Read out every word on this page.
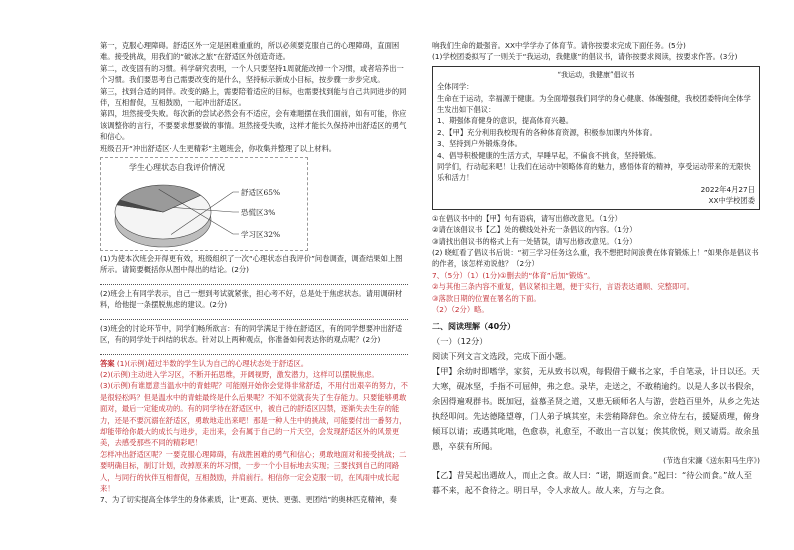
第一，克服心理障碍。舒适区外一定是困难重重的，所以必须要克服自己的心理障碍，直面困难。接受挑战，用我们的“破冰之旅”在舒适区外创造奇迹。

第二，改变固有的习惯。科学研究表明，一个人只要坚持1周就能改掉一个习惯，或者培养出一个习惯。我们要思考自己需要改变的是什么，坚持标示新成小目标，按步骤一步步完成。

第三，找到合适的同伴。改变的路上，需要陪着适应的目标，也需要找到能与自己共同进步的同伴，互相督促，互相鼓励，一起冲出舒适区。

第四，坦然接受失败。每次新的尝试必然会有不适应，会有难题摆在我们面前，如有可能，你应该调整你的言行，不要要求想要做的事情。坦然接受失败，这样才能长久保持冲出舒适区的勇气和信心。

班级召开“冲出舒适区·人生更精彩”主题班会，你收集并整理了以上材料。

学生心理状态自我评价情况
舒适区65%
恐慌区3%
学习区32%

(1)为使本次班会开得更有效，班级组织了一次“心理状态自我评价”问卷调查，调查结果如上图所示。请简要概括你从图中得出的结论。(2分)

(2)班会上有同学表示，自己一想到考试就紧张，担心考不好，总是处于焦虑状态。请用调研材料，给他提一条摆脱焦虑的建议。(2分)

(3)班会的讨论环节中，同学们畅所欲言：有的同学满足于待在舒适区，有的同学想要冲出舒适区，有的同学处于纠结的状态。针对以上两种观点，你准备如何表达你的观点呢？(2分)

答案 (1)(示例)超过半数的学生认为自己的心理状态处于舒适区。

(2)(示例)主动进入学习区，不断开拓思维，开阔视野，激发潜力，这样可以摆脱焦虑。

(3)(示例)有谁愿意当温水中的青蛙呢？可能刚开始你会觉得非常舒适，不用付出艰辛的努力，不是很轻松吗？但是温水中的青蛙最终是什么后果呢？不知不觉就丧失了生存能力。只要能够勇敢面对，最后一定能成功的。有的同学待在舒适区中，被自己的舒适区囚禁，逐渐失去生存的能力，还是不要沉溺在舒适区，勇敢地走出来吧！那是一种人生中的挑战，可能要付出一番努力，却能带给你最大的成长与进步，走出来，会有属于自己的一片天空，会发现舒适区外的风景更美，去感受那些不同的精彩吧！

怎样冲出舒适区呢？一要克服心理障碍，有战胜困难的勇气和信心；勇敢地面对和接受挑战；二要明确目标，制订计划，改掉原来的坏习惯，一步一个小目标地去实现；三要找到自己的同路人，与同行的伙伴互相督促，互相鼓励，并肩前行。相信你一定会克服一切，在风雨中成长起来！

7、为了切实提高全体学生的身体素质，让“更高、更快、更强、更团结”的奥林匹克精神，奏

响我们生命的最强音。XX中学学办了体育节。请你按要求完成下面任务。(5分)

(1)学校团委拟写了一则关于“我运动，我健康”的倡议书，请你按要求阅读，按要求作答。(3分)

“我运动，我健康”倡议书

全体同学：

生命在于运动，幸福源于健康。为全面增强我们同学的身心健康、体魄强健，我校团委特向全体学生发出如下倡议：

1、期强体育健身的意识，提高体育兴趣。

2、【甲】充分利用我校现有的各种体育资源，积极参加课内外体育。

3、坚持到户外锻炼身体。

4、倡导积极健康的生活方式，早睡早起，不偏食不挑食，坚持锻炼。

同学们，行动起来吧！让我们在运动中领略体育的魅力，感悟体育的精神，享受运动带来的无限快乐和活力！

2022年4月27日

XX中学校团委

①在倡议书中的【甲】句有语病，请写出修改意见。（1分）

②请在该倡议书【乙】处的横线处补充一条倡议的内容。（1分）

③请找出倡议书的格式上有一处错误，请写出修改意见。（1分）

(2) 晓虹看了倡议书后说：“初三学习任务这么重，我不想把时间浪费在体育锻炼上！”如果你是倡议书的作者，该怎样劝说他？（2分）

7、（5分）（1）(1分)①删去的“体育”后加“锻炼”。

②与其他三条内容不重复，倡议紧扣主题，便于实行，言语表达通顺、完整即可。

③落款日期的位置在署名的下面。

（2）（2分）略。

二、阅读理解（40分）

（一）（12分）

阅读下列文言文选段，完成下面小题。

【甲】余幼时即嗜学，家贫，无从致书以观，每假借于藏书之家，手自笔录，计日以还。天大寒，砚冰坚，手指不可屈伸，弗之怠。录毕，走送之，不敢稍逾约。以是人多以书假余，余因得遍观群书。既加冠，益慕圣贤之道，又患无硕师名人与游，尝趋百里外，从乡之先达执经叩问。先达德隆望尊，门人弟子填其室，未尝稍降辞色。余立侍左右，援疑质理，俯身倾耳以请；或遇其叱咄，色愈恭，礼愈至，不敢出一言以复；俟其欣悦，则又请焉。故余虽愚，卒获有所闻。

(节选自宋濂《送东阳马生序》)

【乙】昔吴起出遇故人，而止之食。故人曰：“诺，期返而食。”起曰：“待公而食。”故人至暮不来，起不食待之。明日早，令人求故人。故人来，方与之食。
